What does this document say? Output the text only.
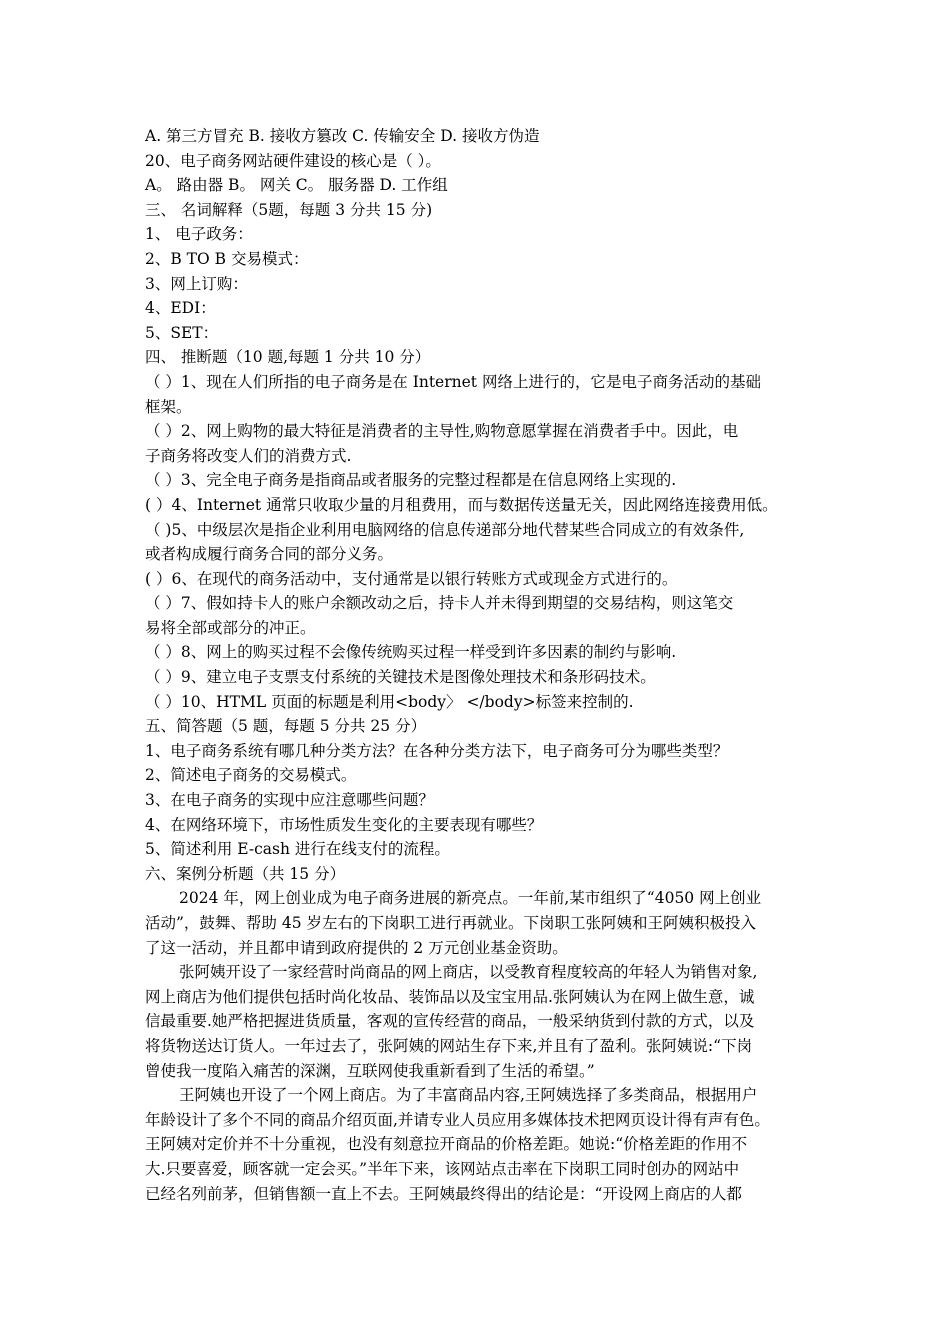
A. 第三方冒充 B. 接收方篡改 C. 传输安全 D. 接收方伪造
20、电子商务网站硬件建设的核心是（ ）。
A。 路由器 B。 网关 C。 服务器 D. 工作组
三、 名词解释（5题，每题 3 分共 15 分)
1、 电子政务：
2、B TO B 交易模式：
3、网上订购：
4、EDI：
5、SET：
四、 推断题（10 题,每题 1 分共 10 分）
（ ）1、现在人们所指的电子商务是在 Internet 网络上进行的，它是电子商务活动的基础
框架。
（ ）2、网上购物的最大特征是消费者的主导性,购物意愿掌握在消费者手中。因此，电
子商务将改变人们的消费方式.
（ ）3、完全电子商务是指商品或者服务的完整过程都是在信息网络上实现的.
( ）4、Internet 通常只收取少量的月租费用，而与数据传送量无关，因此网络连接费用低。
（ )5、中级层次是指企业利用电脑网络的信息传递部分地代替某些合同成立的有效条件,
或者构成履行商务合同的部分义务。
( ）6、在现代的商务活动中，支付通常是以银行转账方式或现金方式进行的。
（ ）7、假如持卡人的账户余额改动之后，持卡人并未得到期望的交易结构，则这笔交
易将全部或部分的冲正。
（ ）8、网上的购买过程不会像传统购买过程一样受到许多因素的制约与影响.
（ ）9、建立电子支票支付系统的关键技术是图像处理技术和条形码技术。
（ ）10、HTML 页面的标题是利用<body〉 </body>标签来控制的.
五、简答题（5 题，每题 5 分共 25 分）
1、电子商务系统有哪几种分类方法？在各种分类方法下，电子商务可分为哪些类型？
2、简述电子商务的交易模式。
3、在电子商务的实现中应注意哪些问题？
4、在网络环境下，市场性质发生变化的主要表现有哪些？
5、简述利用 E-cash 进行在线支付的流程。
六、案例分析题（共 15 分）
2024 年，网上创业成为电子商务进展的新亮点。一年前,某市组织了“4050 网上创业
活动”，鼓舞、帮助 45 岁左右的下岗职工进行再就业。下岗职工张阿姨和王阿姨积极投入
了这一活动，并且都申请到政府提供的 2 万元创业基金资助。
张阿姨开设了一家经营时尚商品的网上商店，以受教育程度较高的年轻人为销售对象,
网上商店为他们提供包括时尚化妆品、装饰品以及宝宝用品.张阿姨认为在网上做生意，诚
信最重要.她严格把握进货质量，客观的宣传经营的商品，一般采纳货到付款的方式，以及
将货物送达订货人。一年过去了，张阿姨的网站生存下来,并且有了盈利。张阿姨说:“下岗
曾使我一度陷入痛苦的深渊，互联网使我重新看到了生活的希望。”
王阿姨也开设了一个网上商店。为了丰富商品内容,王阿姨选择了多类商品，根据用户
年龄设计了多个不同的商品介绍页面,并请专业人员应用多媒体技术把网页设计得有声有色。
王阿姨对定价并不十分重视，也没有刻意拉开商品的价格差距。她说:“价格差距的作用不
大.只要喜爱，顾客就一定会买。”半年下来，该网站点击率在下岗职工同时创办的网站中
已经名列前茅，但销售额一直上不去。王阿姨最终得出的结论是：“开设网上商店的人都
